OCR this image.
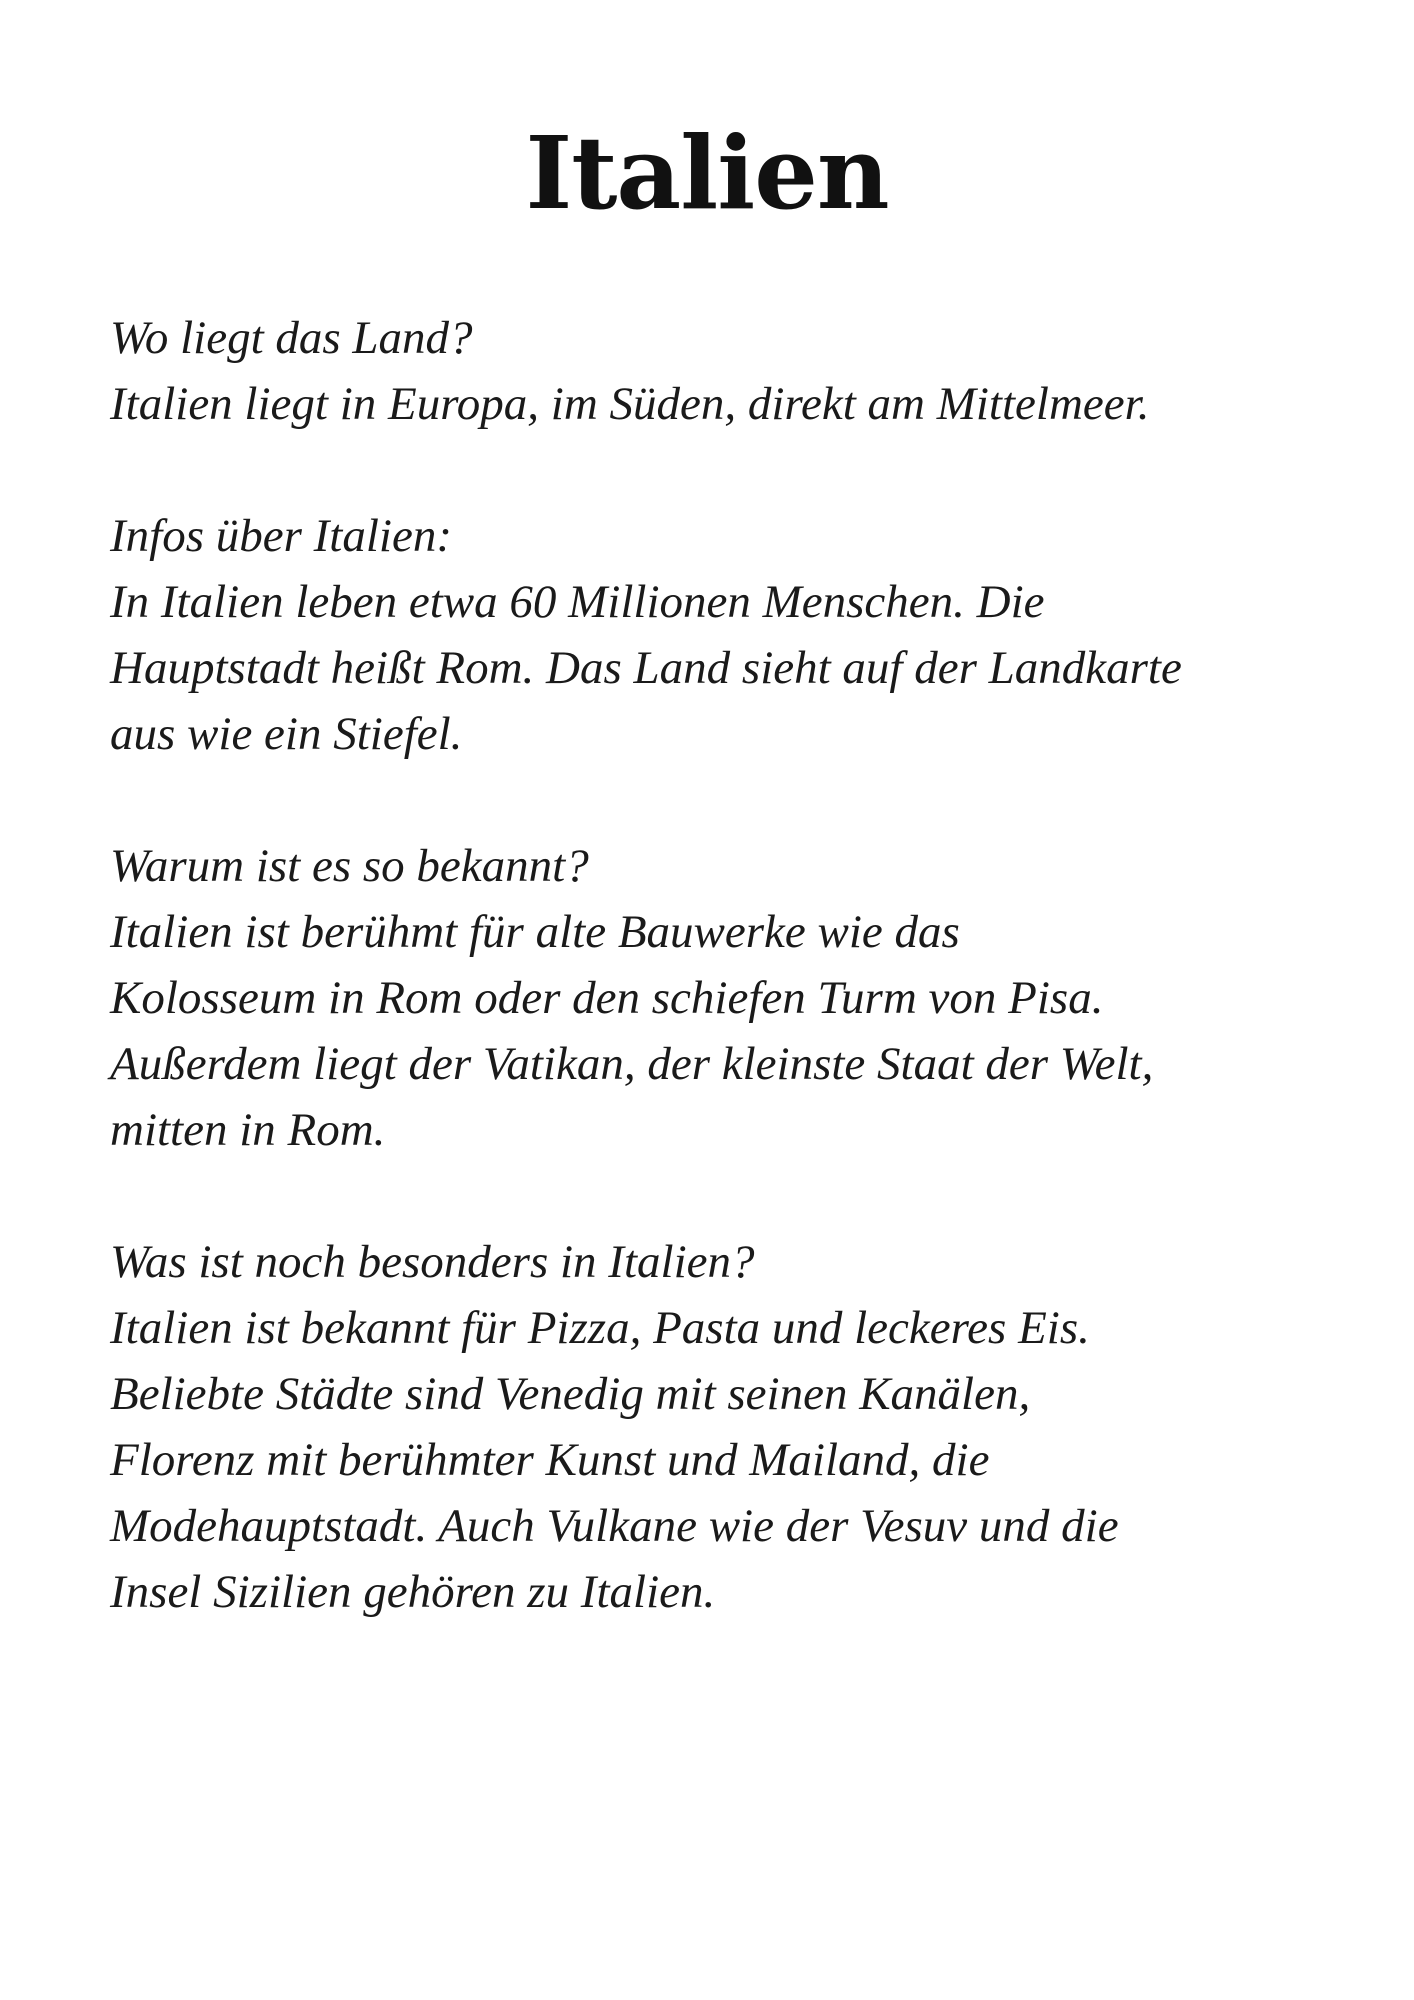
Italien
Wo liegt das Land?
Italien liegt in Europa, im Süden, direkt am Mittelmeer.
Infos über Italien:
In Italien leben etwa 60 Millionen Menschen. Die
Hauptstadt heißt Rom. Das Land sieht auf der Landkarte
aus wie ein Stiefel.
Warum ist es so bekannt?
Italien ist berühmt für alte Bauwerke wie das
Kolosseum in Rom oder den schiefen Turm von Pisa.
Außerdem liegt der Vatikan, der kleinste Staat der Welt,
mitten in Rom.
Was ist noch besonders in Italien?
Italien ist bekannt für Pizza, Pasta und leckeres Eis.
Beliebte Städte sind Venedig mit seinen Kanälen,
Florenz mit berühmter Kunst und Mailand, die
Modehauptstadt. Auch Vulkane wie der Vesuv und die
Insel Sizilien gehören zu Italien.
